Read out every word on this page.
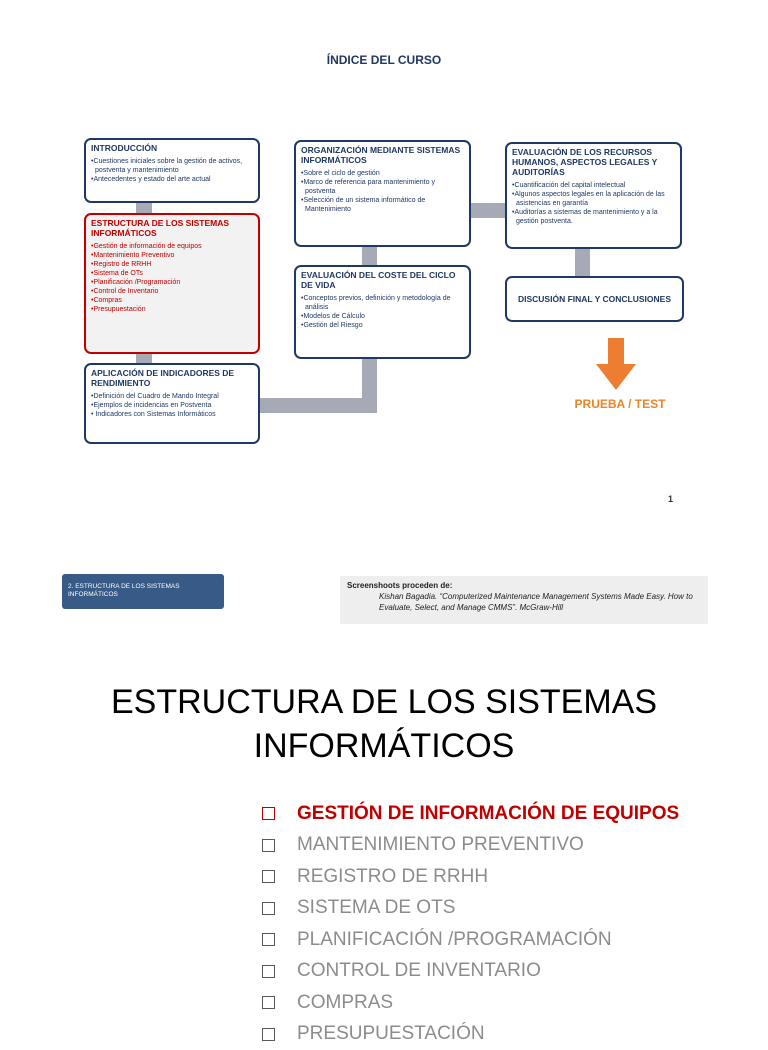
ÍNDICE DEL CURSO
INTRODUCCIÓN
•Cuestiones iniciales sobre la gestión de activos, postventa y mantenimiento
•Antecedentes y estado del arte actual
ESTRUCTURA DE LOS SISTEMAS INFORMÁTICOS
•Gestión de información de equipos
•Mantenimiento Preventivo
•Registro de RRHH
•Sistema de OTs
•Planificación /Programación
•Control de Inventario
•Compras
•Presupuestación
APLICACIÓN DE INDICADORES DE RENDIMIENTO
•Definición del Cuadro de Mando Integral
•Ejemplos de incidencias en Postventa
• Indicadores con Sistemas Informáticos
ORGANIZACIÓN MEDIANTE SISTEMAS INFORMÁTICOS
•Sobre el ciclo de gestión
•Marco de referencia para mantenimiento y postventa
•Selección de un sistema informático de Mantenimiento
EVALUACIÓN DEL COSTE DEL CICLO DE VIDA
•Conceptos previos, definición y metodología de análisis
•Modelos de Cálculo
•Gestión del Riesgo
EVALUACIÓN DE LOS RECURSOS HUMANOS, ASPECTOS LEGALES Y AUDITORÍAS
•Cuantificación del capital intelectual
•Algunos aspectos legales en la aplicación de las asistencias en garantía
•Auditorías a sistemas de mantenimiento y a la gestión postventa.
DISCUSIÓN FINAL Y CONCLUSIONES
PRUEBA / TEST
1
2. ESTRUCTURA DE LOS SISTEMAS INFORMÁTICOS
Screenshoots proceden de:
Kishan Bagadia. “Computerized Maintenance Management Systems Made Easy. How to Evaluate, Select, and Manage CMMS”. McGraw-Hill
ESTRUCTURA DE LOS SISTEMAS
INFORMÁTICOS
GESTIÓN DE INFORMACIÓN DE EQUIPOS
MANTENIMIENTO PREVENTIVO
REGISTRO DE RRHH
SISTEMA DE OTS
PLANIFICACIÓN /PROGRAMACIÓN
CONTROL DE INVENTARIO
COMPRAS
PRESUPUESTACIÓN
